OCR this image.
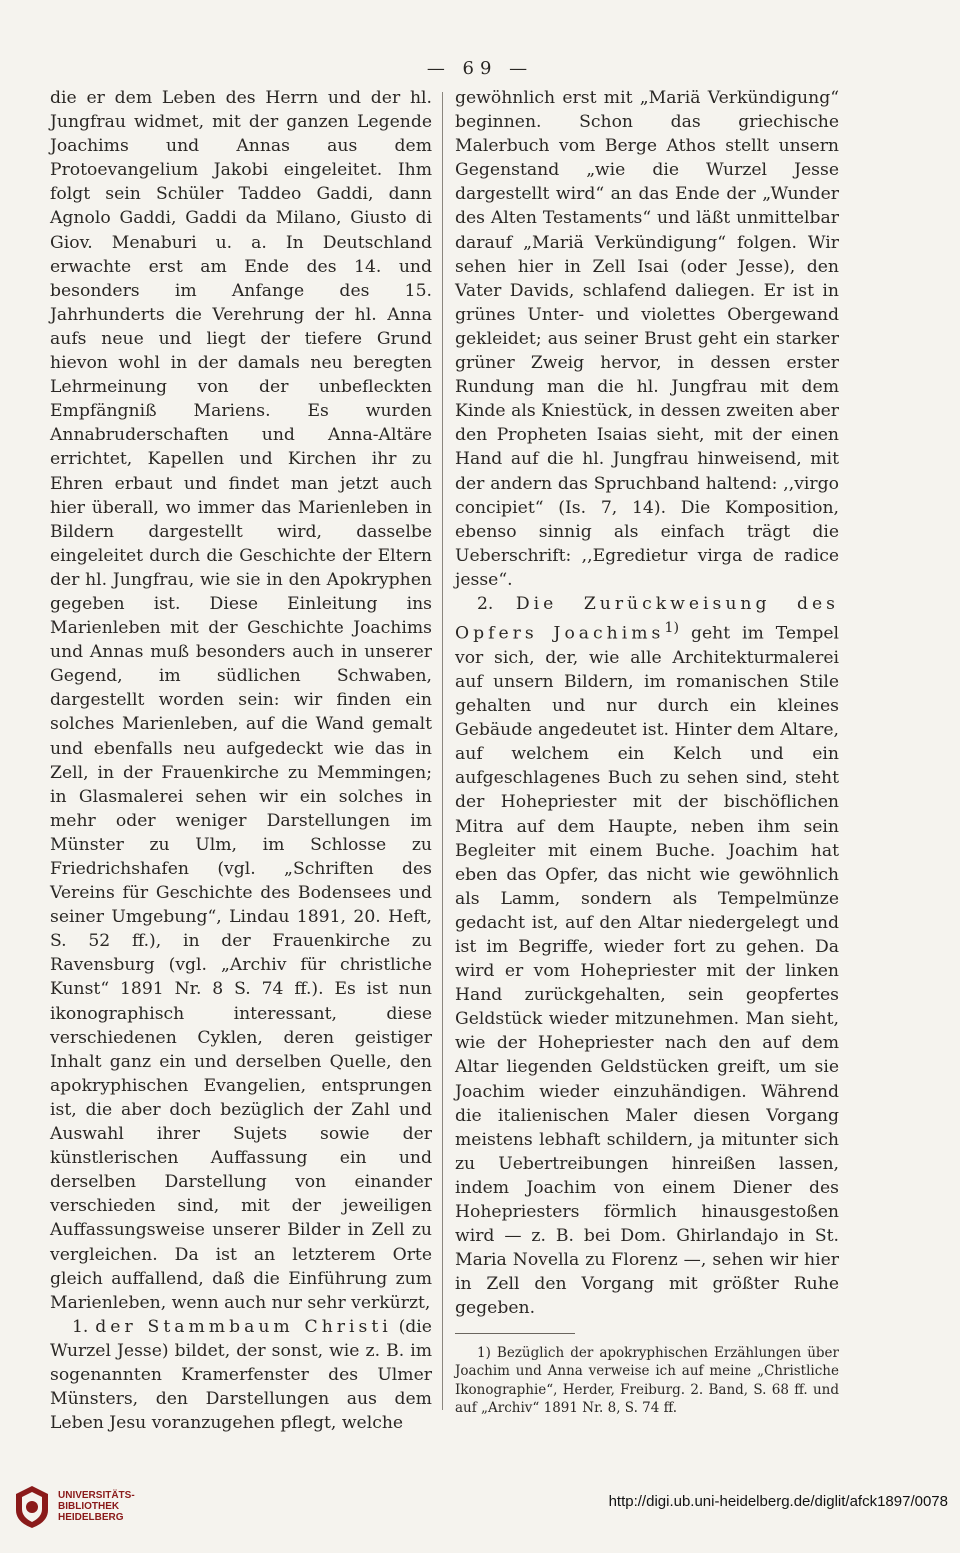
— 69 —

die er dem Leben des Herrn und der hl. Jungfrau widmet, mit der ganzen Legende Joachims und Annas aus dem Protoevangelium Jakobi eingeleitet. Ihm folgt sein Schüler Taddeo Gaddi, dann Agnolo Gaddi, Gaddi da Milano, Giusto di Giov. Menaburi u. a. In Deutschland erwachte erst am Ende des 14. und besonders im Anfange des 15. Jahrhunderts die Verehrung der hl. Anna aufs neue und liegt der tiefere Grund hievon wohl in der damals neu beregten Lehrmeinung von der unbefleckten Empfängniß Mariens. Es wurden Annabruderschaften und Anna-Altäre errichtet, Kapellen und Kirchen ihr zu Ehren erbaut und findet man jetzt auch hier überall, wo immer das Marienleben in Bildern dargestellt wird, dasselbe eingeleitet durch die Geschichte der Eltern der hl. Jungfrau, wie sie in den Apokryphen gegeben ist. Diese Einleitung ins Marienleben mit der Geschichte Joachims und Annas muß besonders auch in unserer Gegend, im südlichen Schwaben, dargestellt worden sein: wir finden ein solches Marienleben, auf die Wand gemalt und ebenfalls neu aufgedeckt wie das in Zell, in der Frauenkirche zu Memmingen; in Glasmalerei sehen wir ein solches in mehr oder weniger Darstellungen im Münster zu Ulm, im Schlosse zu Friedrichshafen (vgl. „Schriften des Vereins für Geschichte des Bodensees und seiner Umgebung“, Lindau 1891, 20. Heft, S. 52 ff.), in der Frauenkirche zu Ravensburg (vgl. „Archiv für christliche Kunst“ 1891 Nr. 8 S. 74 ff.). Es ist nun ikonographisch interessant, diese verschiedenen Cyklen, deren geistiger Inhalt ganz ein und derselben Quelle, den apokryphischen Evangelien, entsprungen ist, die aber doch bezüglich der Zahl und Auswahl ihrer Sujets sowie der künstlerischen Auffassung ein und derselben Darstellung von einander verschieden sind, mit der jeweiligen Auffassungsweise unserer Bilder in Zell zu vergleichen. Da ist an letzterem Orte gleich auffallend, daß die Einführung zum Marienleben, wenn auch nur sehr verkürzt,

1. der Stammbaum Christi (die Wurzel Jesse) bildet, der sonst, wie z. B. im sogenannten Kramerfenster des Ulmer Münsters, den Darstellungen aus dem Leben Jesu voranzugehen pflegt, welche

gewöhnlich erst mit „Mariä Verkündigung“ beginnen. Schon das griechische Malerbuch vom Berge Athos stellt unsern Gegenstand „wie die Wurzel Jesse dargestellt wird“ an das Ende der „Wunder des Alten Testaments“ und läßt unmittelbar darauf „Mariä Verkündigung“ folgen. Wir sehen hier in Zell Isai (oder Jesse), den Vater Davids, schlafend daliegen. Er ist in grünes Unter- und violettes Obergewand gekleidet; aus seiner Brust geht ein starker grüner Zweig hervor, in dessen erster Rundung man die hl. Jungfrau mit dem Kinde als Kniestück, in dessen zweiten aber den Propheten Isaias sieht, mit der einen Hand auf die hl. Jungfrau hinweisend, mit der andern das Spruchband haltend: ,,virgo concipiet“ (Is. 7, 14). Die Komposition, ebenso sinnig als einfach trägt die Ueberschrift: ,,Egredietur virga de radice jesse“.

2. Die Zurückweisung des Opfers Joachims$^{1)}$ geht im Tempel vor sich, der, wie alle Architekturmalerei auf unsern Bildern, im romanischen Stile gehalten und nur durch ein kleines Gebäude angedeutet ist. Hinter dem Altare, auf welchem ein Kelch und ein aufgeschlagenes Buch zu sehen sind, steht der Hohepriester mit der bischöflichen Mitra auf dem Haupte, neben ihm sein Begleiter mit einem Buche. Joachim hat eben das Opfer, das nicht wie gewöhnlich als Lamm, sondern als Tempelmünze gedacht ist, auf den Altar niedergelegt und ist im Begriffe, wieder fort zu gehen. Da wird er vom Hohepriester mit der linken Hand zurückgehalten, sein geopfertes Geldstück wieder mitzunehmen. Man sieht, wie der Hohepriester nach den auf dem Altar liegenden Geldstücken greift, um sie Joachim wieder einzuhändigen. Während die italienischen Maler diesen Vorgang meistens lebhaft schildern, ja mitunter sich zu Uebertreibungen hinreißen lassen, indem Joachim von einem Diener des Hohepriesters förmlich hinausgestoßen wird — z. B. bei Dom. Ghirlandajo in St. Maria Novella zu Florenz —, sehen wir hier in Zell den Vorgang mit größter Ruhe gegeben.

1) Bezüglich der apokryphischen Erzählungen über Joachim und Anna verweise ich auf meine „Christliche Ikonographie“, Herder, Freiburg. 2. Band, S. 68 ff. und auf „Archiv“ 1891 Nr. 8, S. 74 ff.

UNIVERSITÄTS-
BIBLIOTHEK
HEIDELBERG
http://digi.ub.uni-heidelberg.de/diglit/afck1897/0078
